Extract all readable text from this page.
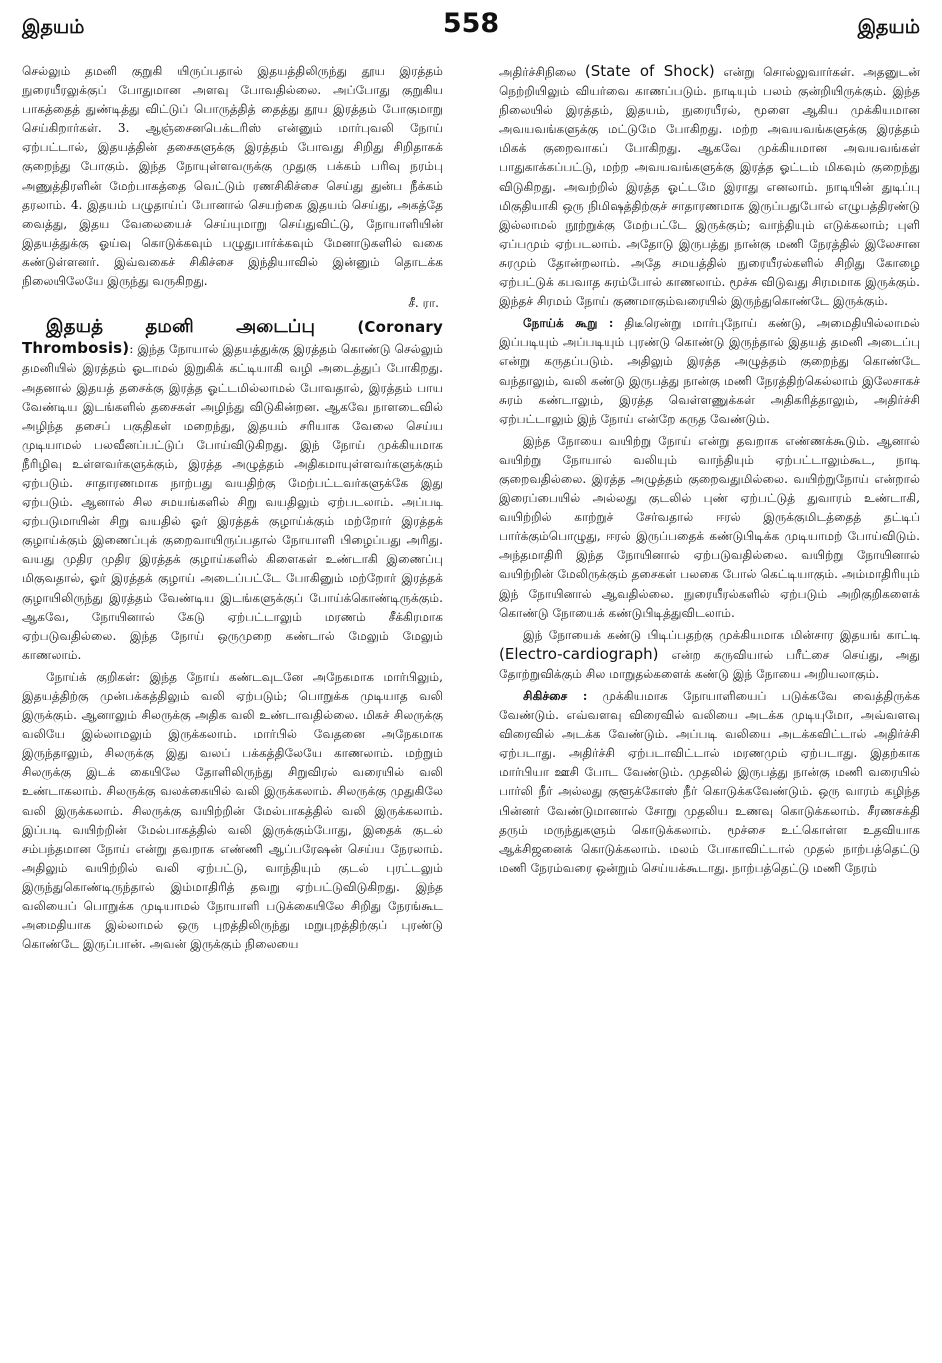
இதயம்	558	இதயம்

செல்லும் தமனி குறுகி யிருப்பதால் இதயத்திலிருந்து தூய இரத்தம் நுரையீரலுக்குப் போதுமான அளவு போவதில்லை. அப்போது குறுகிய பாகத்தைத் துண்டித்து விட்டுப் பொருத்தித் தைத்து தூய இரத்தம் போகுமாறு செய்கிறார்கள். 3. ஆஞ்சைனபெக்டரிஸ் என்னும் மார்புவலி நோய் ஏற்பட்டால், இதயத்தின் தசைகளுக்கு இரத்தம் போவது சிறிது சிறிதாகக் குறைந்து போகும். இந்த நோயுள்ளவருக்கு முதுகு பக்கம் பரிவு நரம்பு அணுத்திரளின் மேற்பாகத்தை வெட்டும் ரணசிகிச்சை செய்து துன்ப நீக்கம் தரலாம். 4. இதயம் பழுதாய்ப் போனால் செயற்கை இதயம் செய்து, அகத்தே வைத்து, இதய வேலையைச் செய்யுமாறு செய்துவிட்டு, நோயாளியின் இதயத்துக்கு ஓய்வு கொடுக்கவும் பழுதுபார்க்கவும் மேனாடுகளில் வகை கண்டுள்ளனர். இவ்வகைச் சிகிச்சை இந்தியாவில் இன்னும் தொடக்க நிலையிலேயே இருந்து வருகிறது.

சீ. ரா.

இதயத் தமனி அடைப்பு	(Coronary Thrombosis): இந்த நோயால் இதயத்துக்கு இரத்தம் கொண்டு செல்லும் தமனியில் இரத்தம் ஓடாமல் இறுகிக் கட்டியாகி வழி அடைத்துப் போகிறது. அதனால் இதயத் தசைக்கு இரத்த ஓட்டமில்லாமல் போவதால், இரத்தம் பாய வேண்டிய இடங்களில் தசைகள் அழிந்து விடுகின்றன. ஆகவே நாளடைவில் அழிந்த தசைப் பகுதிகள் மறைந்து, இதயம் சரியாக வேலை செய்ய முடியாமல் பலவீனப்பட்டுப் போய்விடுகிறது. இந் நோய் முக்கியமாக நீரிழிவு உள்ளவர்களுக்கும், இரத்த அழுத்தம் அதிகமாயுள்ளவர்களுக்கும் ஏற்படும். சாதாரணமாக நாற்பது வயதிற்கு மேற்பட்டவர்களுக்கே இது ஏற்படும். ஆனால் சில சமயங்களில் சிறு வயதிலும் ஏற்படலாம். அப்படி ஏற்படுமாயின் சிறு வயதில் ஓர் இரத்தக் குழாய்க்கும் மற்றோர் இரத்தக் குழாய்க்கும் இணைப்புக் குறைவாயிருப்பதால் நோயாளி பிழைப்பது அரிது. வயது முதிர முதிர இரத்தக் குழாய்களில் கிளைகள் உண்டாகி இணைப்பு மிகுவதால், ஓர் இரத்தக் குழாய் அடைப்பட்டே போகினும் மற்றோர் இரத்தக் குழாயிலிருந்து இரத்தம் வேண்டிய இடங்களுக்குப் போய்க்கொண்டிருக்கும். ஆகவே, நோயினால் கேடு ஏற்பட்டாலும் மரணம் சீக்கிரமாக ஏற்படுவதில்லை. இந்த நோய் ஒருமுறை கண்டால் மேலும் மேலும் காணலாம்.

நோய்க் குறிகள்: இந்த நோய் கண்டவுடனே அநேகமாக மார்பிலும், இதயத்திற்கு முன்பக்கத்திலும் வலி ஏற்படும்; பொறுக்க முடியாத வலி இருக்கும். ஆனாலும் சிலருக்கு அதிக வலி உண்டாவதில்லை. மிகச் சிலருக்கு வலியே இல்லாமலும் இருக்கலாம். மார்பில் வேதனை அநேகமாக இருந்தாலும், சிலருக்கு இது வலப் பக்கத்திலேயே காணலாம். மற்றும் சிலருக்கு இடக் கையிலே தோளிலிருந்து சிறுவிரல் வரையில் வலி உண்டாகலாம். சிலருக்கு வலக்கையில் வலி இருக்கலாம். சிலருக்கு முதுகிலே வலி இருக்கலாம். சிலருக்கு வயிற்றின் மேல்பாகத்தில் வலி இருக்கலாம். இப்படி வயிற்றின் மேல்பாகத்தில் வலி இருக்கும்போது, இதைக் குடல் சம்பந்தமான நோய் என்று தவறாக எண்ணி ஆப்பரேஷன் செய்ய நேரலாம். அதிலும் வயிற்றில் வலி ஏற்பட்டு, வாந்தியும் குடல் புரட்டலும் இருந்துகொண்டிருந்தால் இம்மாதிரித் தவறு ஏற்பட்டுவிடுகிறது. இந்த வலியைப் பொறுக்க முடியாமல் நோயாளி படுக்கையிலே சிறிது நேரங்கூட அமைதியாக இல்லாமல் ஒரு புறத்திலிருந்து மறுபுறத்திற்குப் புரண்டு கொண்டே இருப்பான். அவன் இருக்கும் நிலையை

அதிர்ச்சிநிலை (State of Shock) என்று சொல்லுவார்கள். அதனுடன் நெற்றியிலும் வியர்வை காணப்படும். நாடியும் பலம் குன்றியிருக்கும். இந்த நிலையில் இரத்தம், இதயம், நுரையீரல், மூளை ஆகிய முக்கியமான அவயவங்களுக்கு மட்டுமே போகிறது. மற்ற அவயவங்களுக்கு இரத்தம் மிகக் குறைவாகப் போகிறது. ஆகவே முக்கியமான அவயவங்கள் பாதுகாக்கப்பட்டு, மற்ற அவயவங்களுக்கு இரத்த ஓட்டம் மிகவும் குறைந்து விடுகிறது. அவற்றில் இரத்த ஓட்டமே இராது எனலாம். நாடியின் துடிப்பு மிகுதியாகி ஒரு நிமிஷத்திற்குச் சாதாரணமாக இருப்பதுபோல் எழுபத்திரண்டு இல்லாமல் நூற்றுக்கு மேற்பட்டே இருக்கும்; வாந்தியும் எடுக்கலாம்; புளி ஏப்பமும் ஏற்படலாம். அதோடு இருபத்து நான்கு மணி நேரத்தில் இலேசான சுரமும் தோன்றலாம். அதே சமயத்தில் நுரையீரல்களில் சிறிது கோழை ஏற்பட்டுக் கபவாத சுரம்போல் காணலாம். மூச்சு விடுவது சிரமமாக இருக்கும். இந்தச் சிரமம் நோய் குணமாகும்வரையில் இருந்துகொண்டே இருக்கும்.

நோய்க் கூறு : திடீரென்று மார்புநோய் கண்டு, அமைதியில்லாமல் இப்படியும் அப்படியும் புரண்டு கொண்டு இருந்தால் இதயத் தமனி அடைப்பு என்று கருதப்படும். அதிலும் இரத்த அழுத்தம் குறைந்து கொண்டே வந்தாலும், வலி கண்டு இருபத்து நான்கு மணி நேரத்திற்கெல்லாம் இலேசாகச் சுரம் கண்டாலும், இரத்த வெள்ளணுக்கள் அதிகரித்தாலும், அதிர்ச்சி ஏற்பட்டாலும் இந் நோய் என்றே கருத வேண்டும்.

இந்த நோயை வயிற்று நோய் என்று தவறாக எண்ணக்கூடும். ஆனால் வயிற்று நோயால் வலியும் வாந்தியும் ஏற்பட்டாலும்கூட, நாடி குறைவதில்லை. இரத்த அழுத்தம் குறைவதுமில்லை. வயிற்றுநோய் என்றால் இரைப்பையில் அல்லது குடலில் புண் ஏற்பட்டுத் துவாரம் உண்டாகி, வயிற்றில் காற்றுச் சேர்வதால் ஈரல் இருக்குமிடத்தைத் தட்டிப் பார்க்கும்பொழுது, ஈரல் இருப்பதைக் கண்டுபிடிக்க முடியாமற் போய்விடும். அந்தமாதிரி இந்த நோயினால் ஏற்படுவதில்லை. வயிற்று நோயினால் வயிற்றின் மேலிருக்கும் தசைகள் பலகை போல் கெட்டியாகும். அம்மாதிரியும் இந் நோயினால் ஆவதில்லை. நுரையீரல்களில் ஏற்படும் அறிகுறிகளைக் கொண்டு நோயைக் கண்டுபிடித்துவிடலாம்.

இந் நோயைக் கண்டு பிடிப்பதற்கு முக்கியமாக மின்சார இதயங் காட்டி (Electro-cardiograph) என்ற கருவியால் பரீட்சை செய்து, அது தோற்றுவிக்கும் சில மாறுதல்களைக் கண்டு இந் நோயை அறியலாகும்.

சிகிச்சை : முக்கியமாக நோயாளியைப் படுக்கவே வைத்திருக்க வேண்டும். எவ்வளவு விரைவில் வலியை அடக்க முடியுமோ, அவ்வளவு விரைவில் அடக்க வேண்டும். அப்படி வலியை அடக்கவிட்டால் அதிர்ச்சி ஏற்படாது. அதிர்ச்சி ஏற்படாவிட்டால் மரணமும் ஏற்படாது. இதற்காக மார்பியா ஊசி போட வேண்டும். முதலில் இருபத்து நான்கு மணி வரையில் பார்லி நீர் அல்லது குளூக்கோஸ் நீர் கொடுக்கவேண்டும். ஒரு வாரம் கழிந்த பின்னர் வேண்டுமானால் சோறு முதலிய உணவு கொடுக்கலாம். சீரணசக்தி தரும் மருந்துகளும் கொடுக்கலாம். மூச்சை உட்கொள்ள உதவியாக ஆக்சிஜனைக் கொடுக்கலாம். மலம் போகாவிட்டால் முதல் நாற்பத்தெட்டு மணி நேரம்வரை ஒன்றும் செய்யக்கூடாது. நாற்பத்தெட்டு மணி நேரம்
